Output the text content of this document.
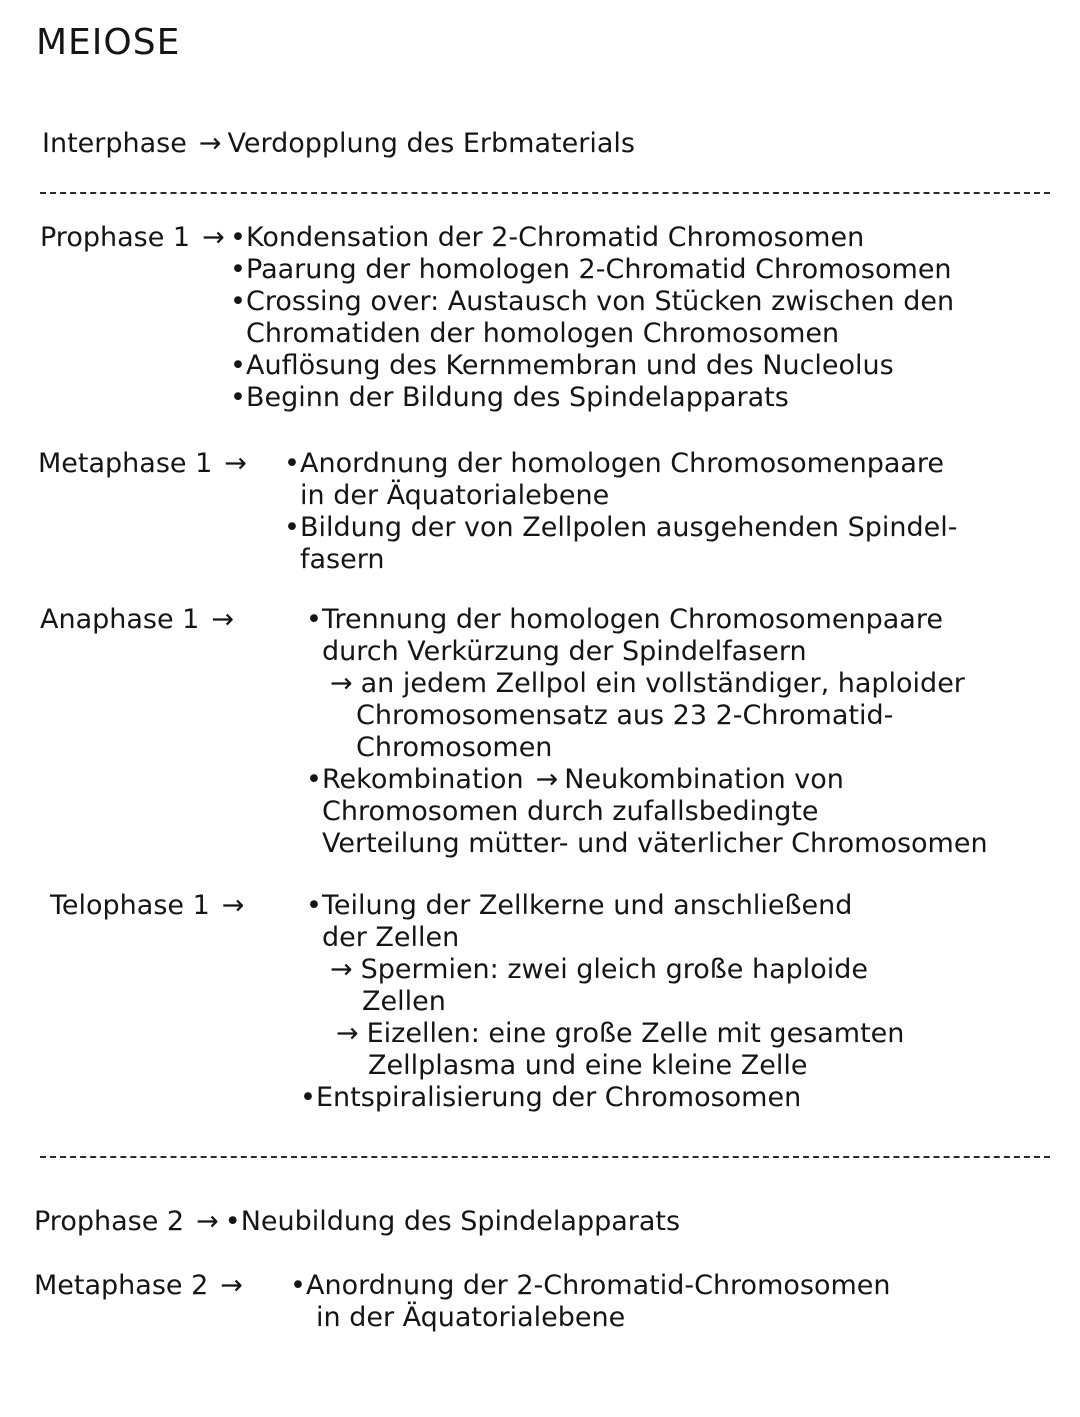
MEIOSE
Interphase → Verdopplung des Erbmaterials
Prophase 1 → •Kondensation der 2-Chromatid Chromosomen
•Paarung der homologen 2-Chromatid Chromosomen
•Crossing over: Austausch von Stücken zwischen den
Chromatiden der homologen Chromosomen
•Auflösung des Kernmembran und des Nucleolus
•Beginn der Bildung des Spindelapparats
Metaphase 1 → •Anordnung der homologen Chromosomenpaare
in der Äquatorialebene
•Bildung der von Zellpolen ausgehenden Spindel-
fasern
Anaphase 1 →	•Trennung der homologen Chromosomenpaare
durch Verkürzung der Spindelfasern
→ an jedem Zellpol ein vollständiger, haploider
Chromosomensatz aus 23 2-Chromatid-
Chromosomen
•Rekombination → Neukombination von
Chromosomen durch zufallsbedingte
Verteilung mütter- und väterlicher Chromosomen
Telophase 1 → •Teilung der Zellkerne und anschließend
der Zellen
→ Spermien: zwei gleich große haploide
Zellen
→ Eizellen: eine große Zelle mit gesamten
Zellplasma und eine kleine Zelle
•Entspiralisierung der Chromosomen
Prophase 2 → •Neubildung des Spindelapparats
Metaphase 2 → •Anordnung der 2-Chromatid-Chromosomen
in der Äquatorialebene
